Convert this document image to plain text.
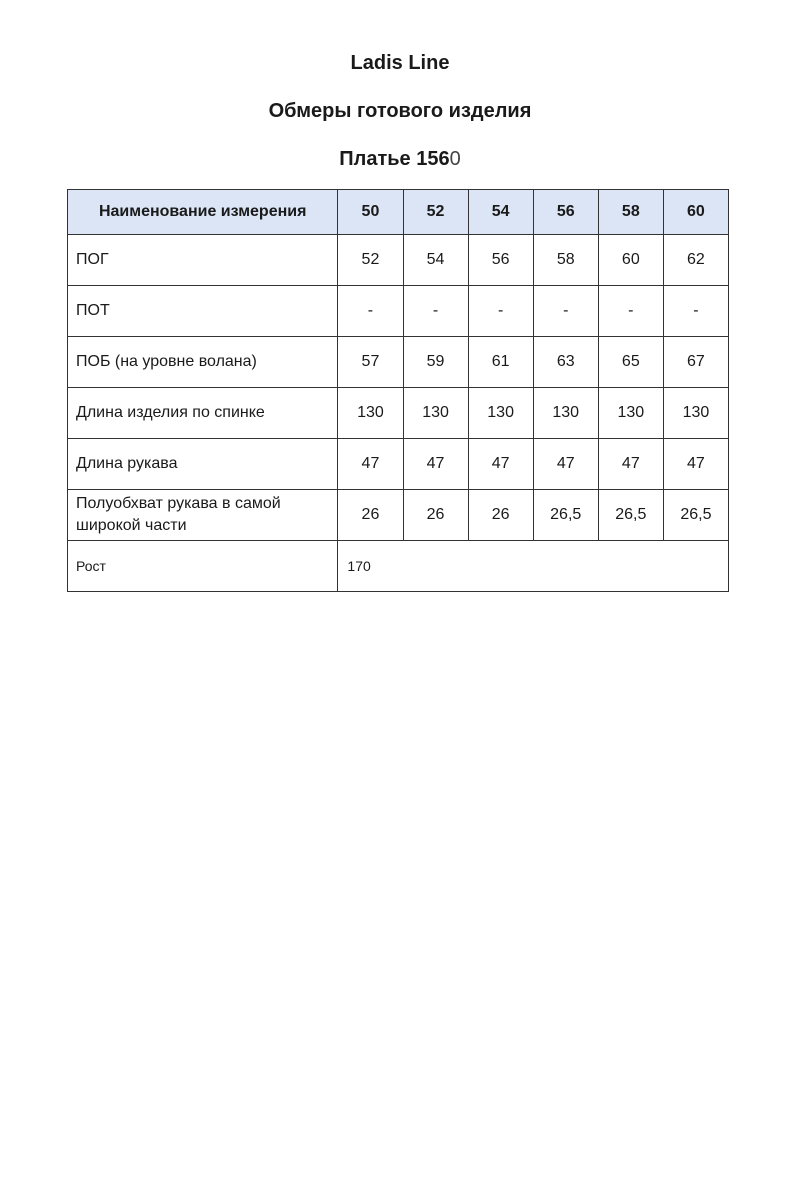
Ladis Line
Обмеры готового изделия
Платье 1560
Наименование измерения	50	52	54	56	58	60
ПОГ	52	54	56	58	60	62
ПОТ	-	-	-	-	-	-
ПОБ (на уровне волана)	57	59	61	63	65	67
Длина изделия по спинке	130	130	130	130	130	130
Длина рукава	47	47	47	47	47	47
Полуобхват рукава в самой широкой части	26	26	26	26,5	26,5	26,5
Рост	170					
